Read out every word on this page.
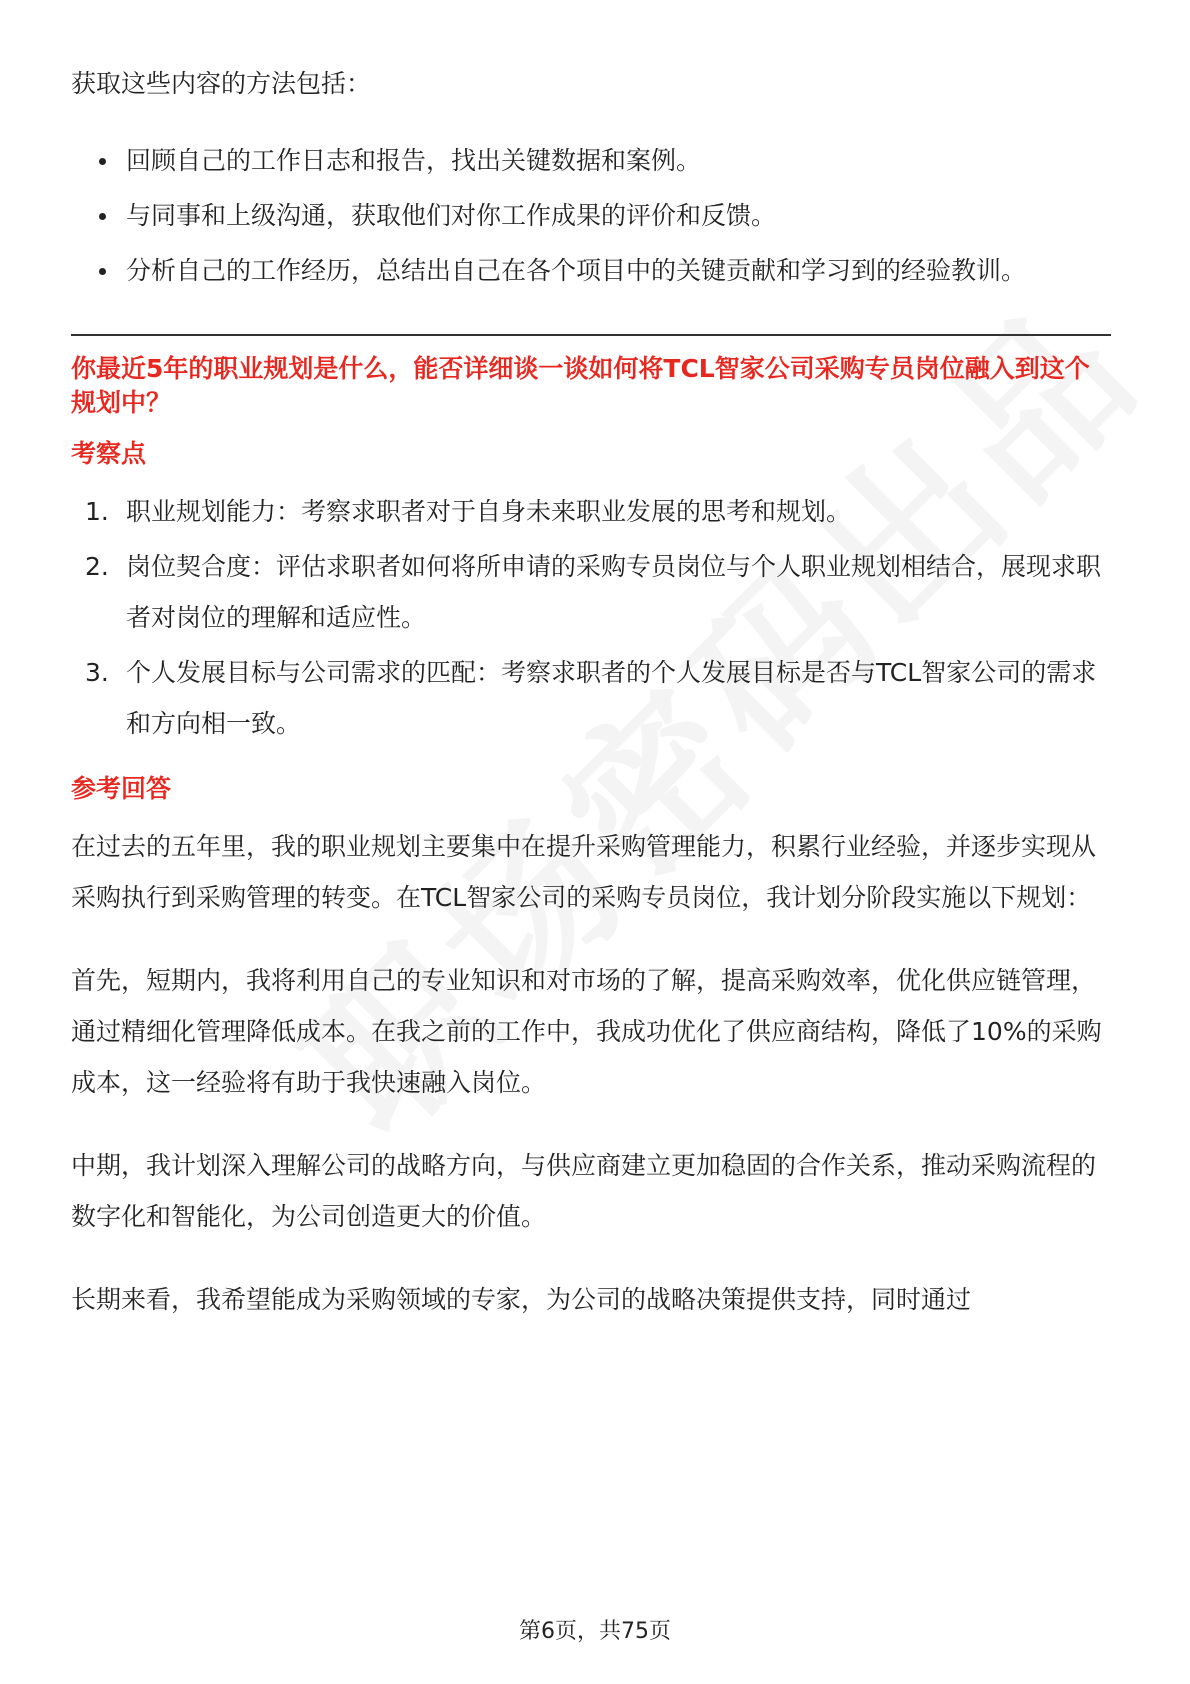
获取这些内容的方法包括：

回顾自己的工作日志和报告，找出关键数据和案例。
与同事和上级沟通，获取他们对你工作成果的评价和反馈。
分析自己的工作经历，总结出自己在各个项目中的关键贡献和学习到的经验教训。

你最近5年的职业规划是什么，能否详细谈一谈如何将TCL智家公司采购专员岗位融入到这个规划中？

考察点

1. 职业规划能力：考察求职者对于自身未来职业发展的思考和规划。
2. 岗位契合度：评估求职者如何将所申请的采购专员岗位与个人职业规划相结合，展现求职者对岗位的理解和适应性。
3. 个人发展目标与公司需求的匹配：考察求职者的个人发展目标是否与TCL智家公司的需求和方向相一致。

参考回答

在过去的五年里，我的职业规划主要集中在提升采购管理能力，积累行业经验，并逐步实现从采购执行到采购管理的转变。在TCL智家公司的采购专员岗位，我计划分阶段实施以下规划：

首先，短期内，我将利用自己的专业知识和对市场的了解，提高采购效率，优化供应链管理，通过精细化管理降低成本。在我之前的工作中，我成功优化了供应商结构，降低了10%的采购成本，这一经验将有助于我快速融入岗位。

中期，我计划深入理解公司的战略方向，与供应商建立更加稳固的合作关系，推动采购流程的数字化和智能化，为公司创造更大的价值。

长期来看，我希望能成为采购领域的专家，为公司的战略决策提供支持，同时通过

第6页，共75页
